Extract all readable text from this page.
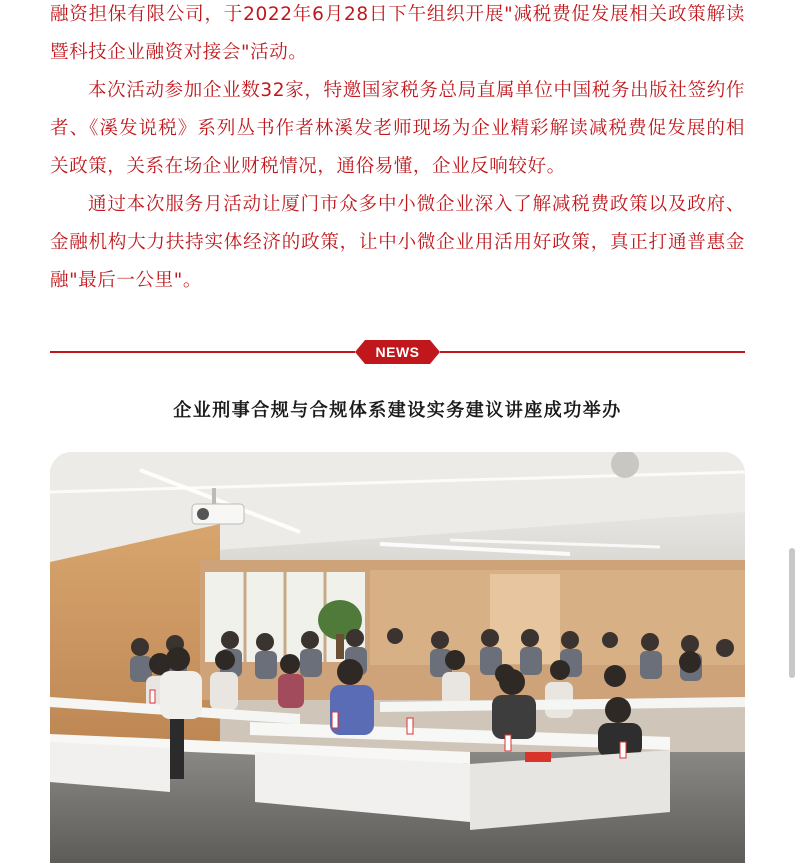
融资担保有限公司，于2022年6月28日下午组织开展"减税费促发展相关政策解读暨科技企业融资对接会"活动。

本次活动参加企业数32家，特邀国家税务总局直属单位中国税务出版社签约作者、《溪发说税》系列丛书作者林溪发老师现场为企业精彩解读减税费促发展的相关政策，关系在场企业财税情况，通俗易懂，企业反响较好。

通过本次服务月活动让厦门市众多中小微企业深入了解减税费政策以及政府、金融机构大力扶持实体经济的政策，让中小微企业用活用好政策，真正打通普惠金融"最后一公里"。

NEWS
企业刑事合规与合规体系建设实务建议讲座成功举办
